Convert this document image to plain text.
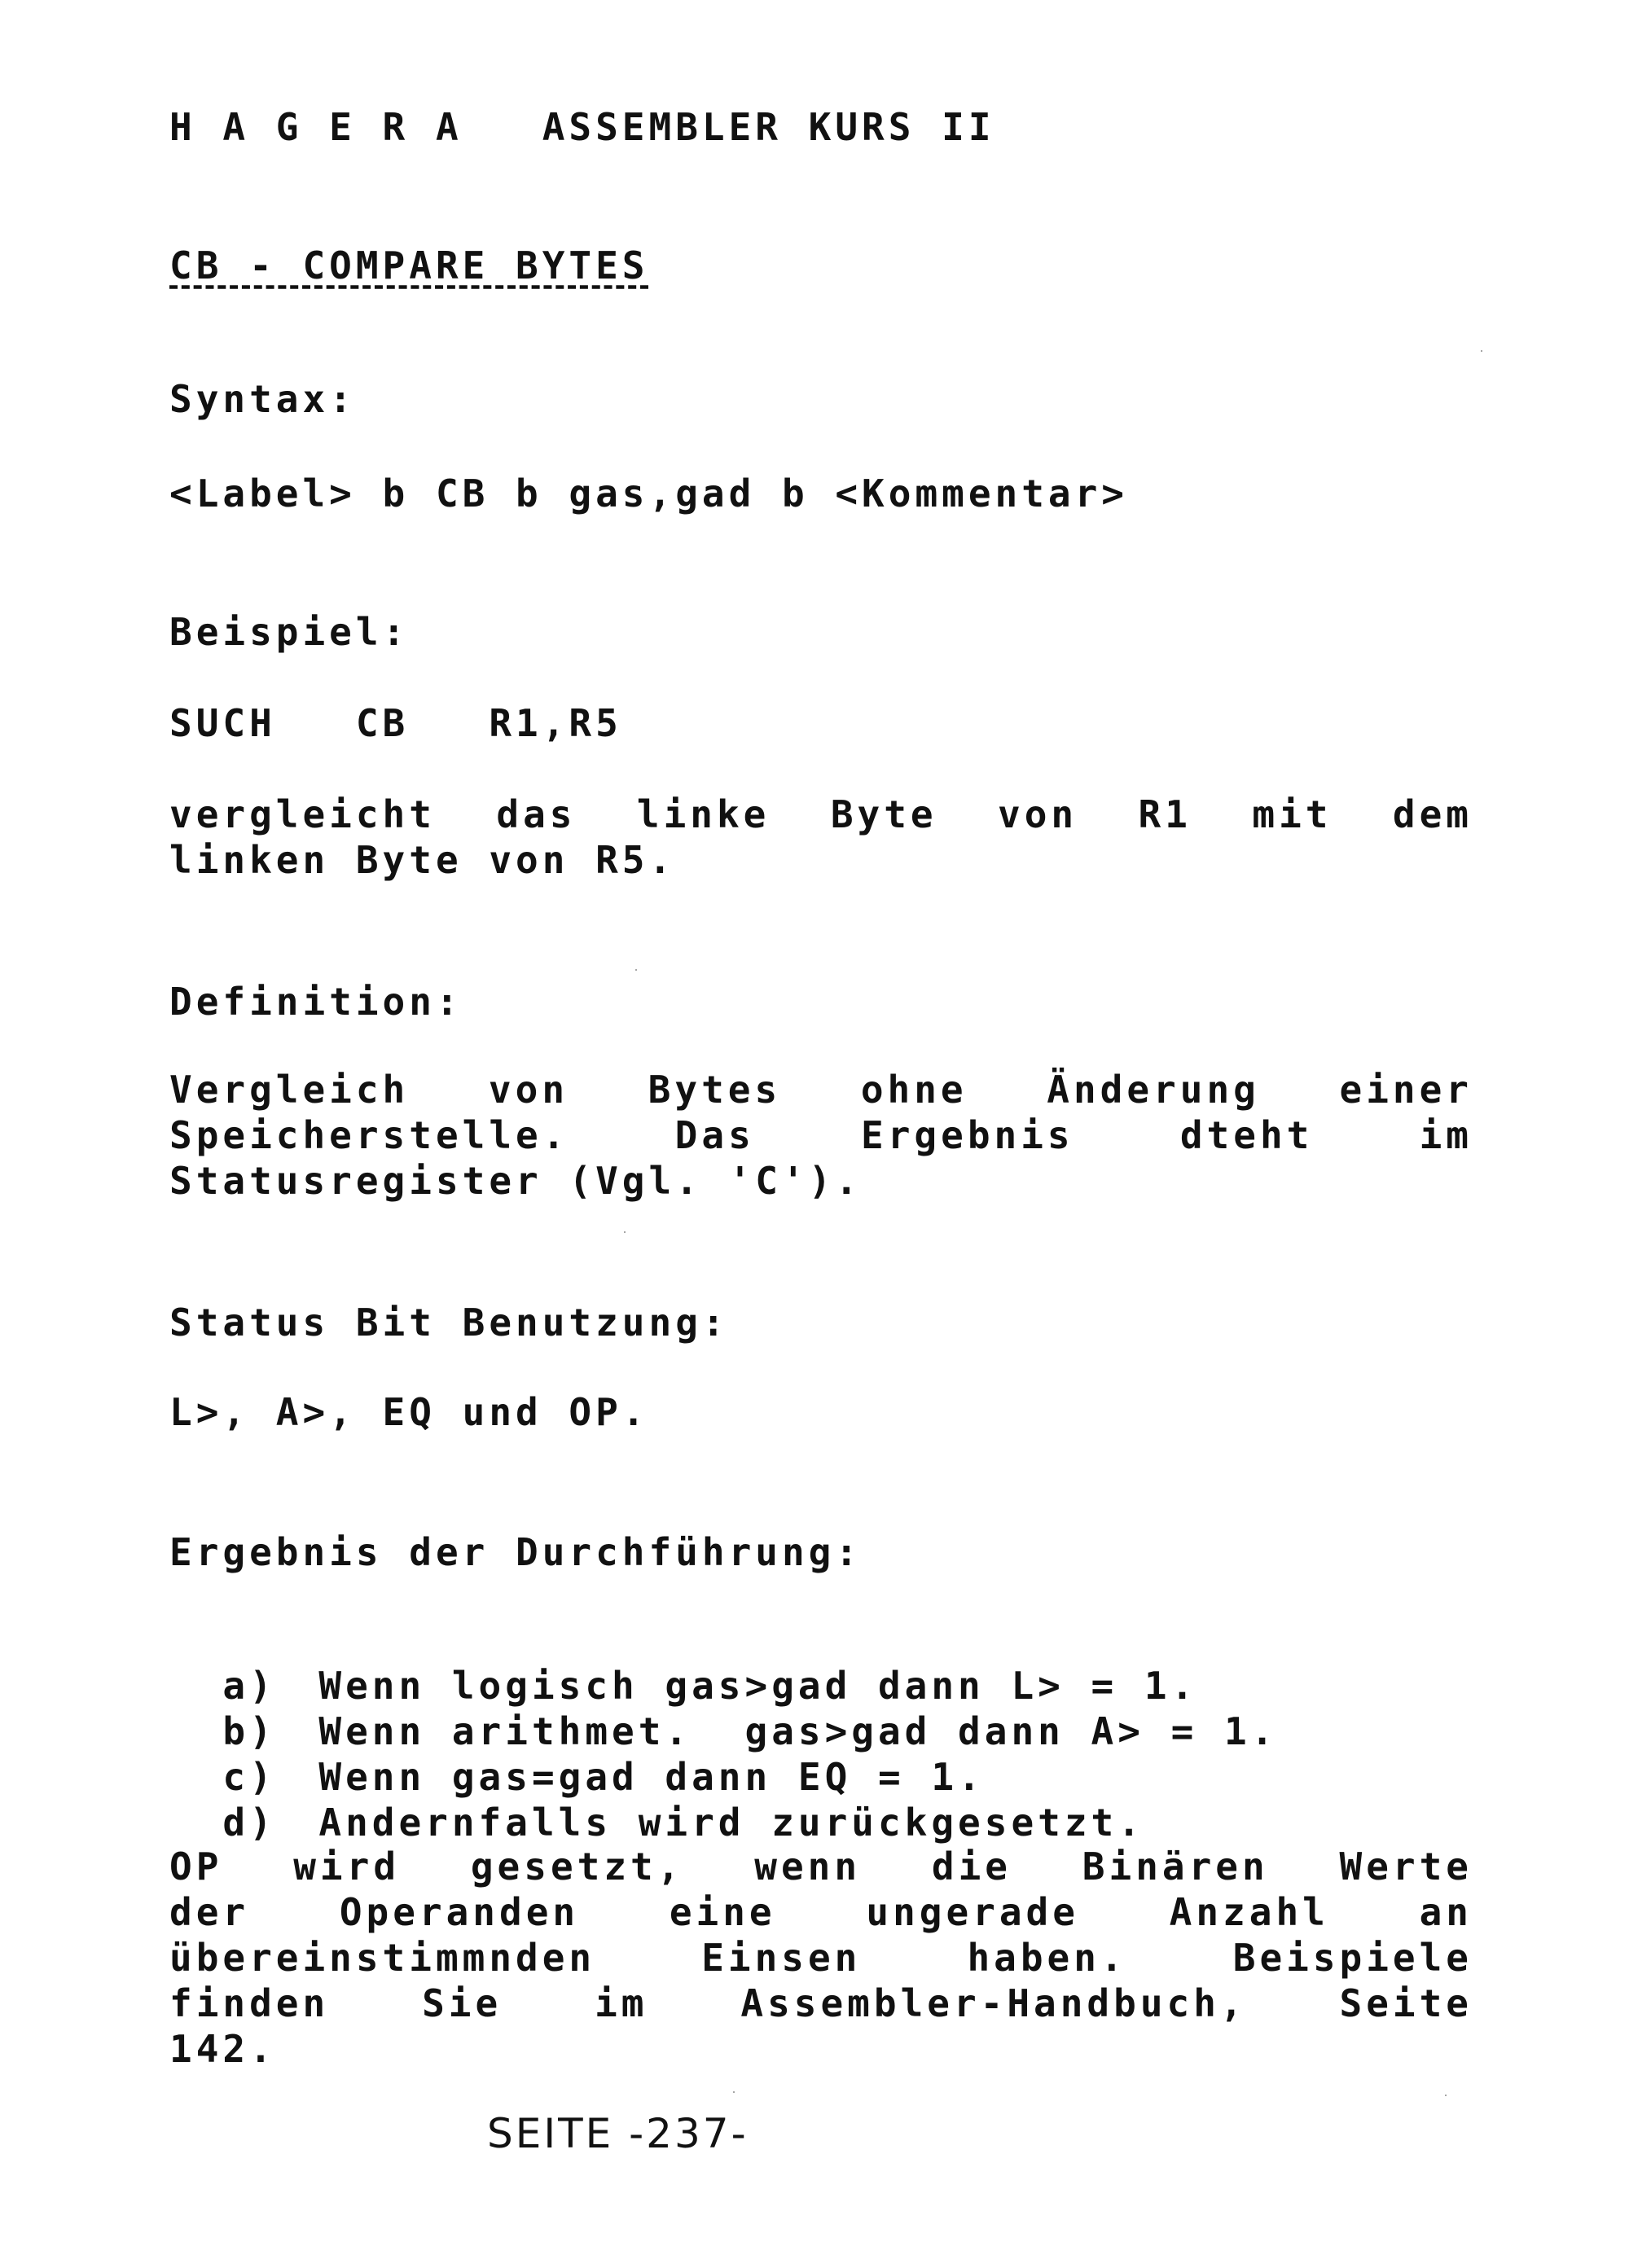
H A G E R A   ASSEMBLER KURS II
CB - COMPARE BYTES
Syntax:
<Label> b CB b gas,gad b <Kommentar>
Beispiel:
SUCH   CB   R1,R5
vergleicht das linke Byte von R1 mit dem
linken Byte von R5.
Definition:
Vergleich von Bytes ohne Änderung einer
Speicherstelle. Das Ergebnis dteht im
Statusregister (Vgl. 'C').
Status Bit Benutzung:
L>, A>, EQ und OP.
Ergebnis der Durchführung:

a) Wenn logisch gas>gad dann L> = 1.

b) Wenn arithmet.  gas>gad dann A> = 1.

c) Wenn gas=gad dann EQ = 1.

d) Andernfalls wird zurückgesetzt.

OP wird gesetzt, wenn die Binären Werte
der Operanden eine ungerade Anzahl an
übereinstimmnden Einsen haben. Beispiele
finden Sie im Assembler-Handbuch, Seite
142.
SEITE -237-
